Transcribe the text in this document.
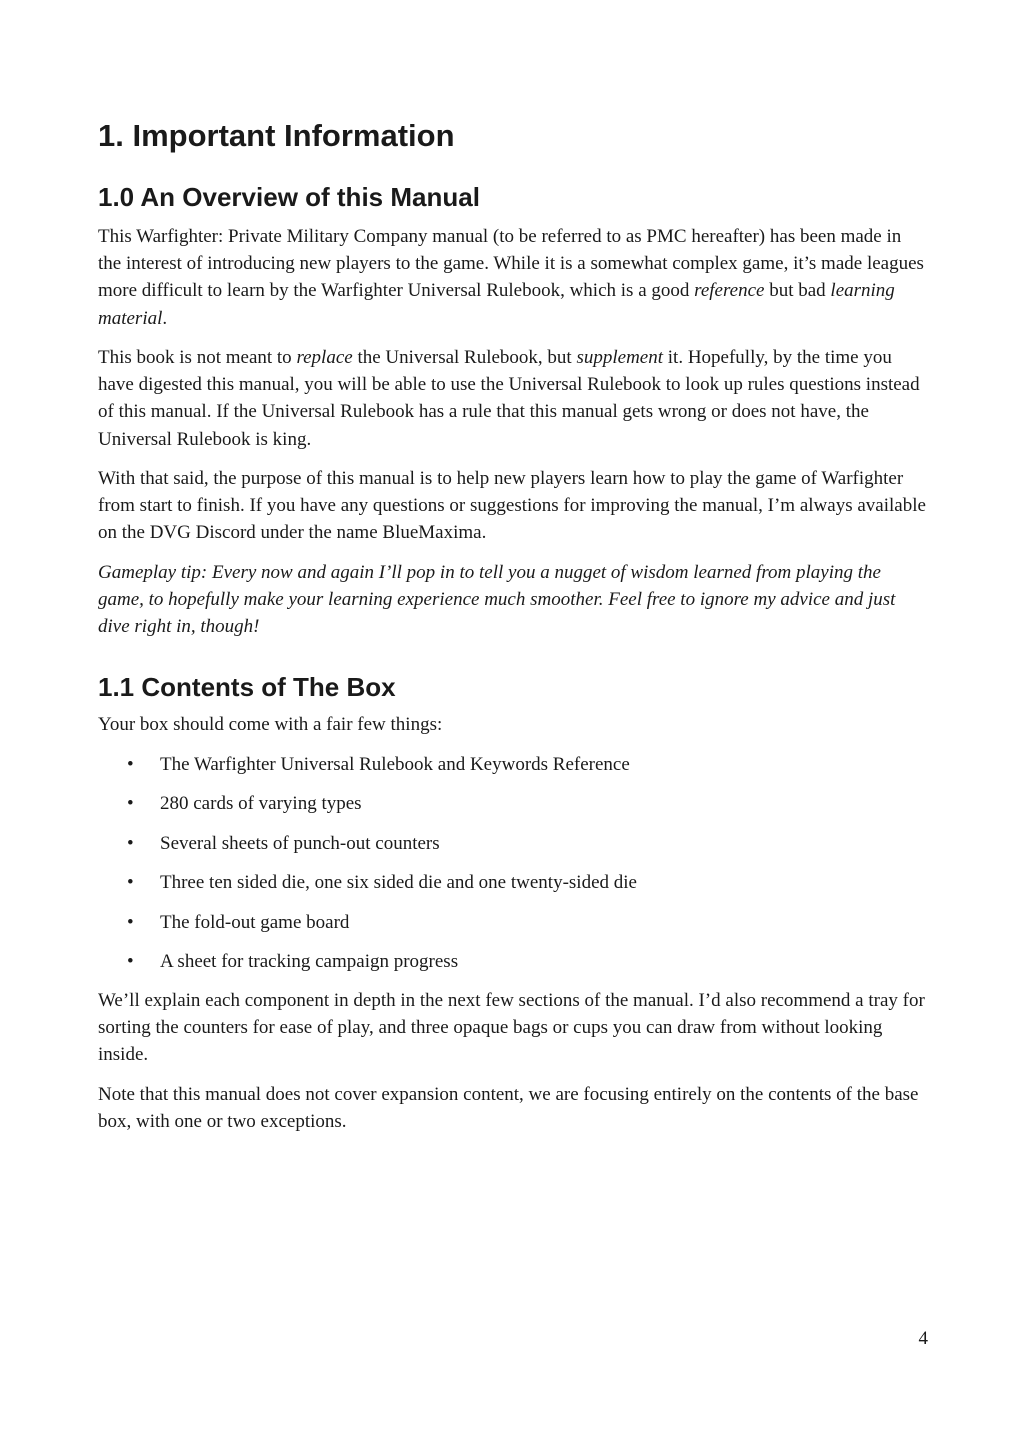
1. Important Information
1.0 An Overview of this Manual

This Warfighter: Private Military Company manual (to be referred to as PMC hereafter) has been made in the interest of introducing new players to the game. While it is a somewhat complex game, it’s made leagues more difficult to learn by the Warfighter Universal Rulebook, which is a good reference but bad learning material.

This book is not meant to replace the Universal Rulebook, but supplement it. Hopefully, by the time you have digested this manual, you will be able to use the Universal Rulebook to look up rules questions instead of this manual. If the Universal Rulebook has a rule that this manual gets wrong or does not have, the Universal Rulebook is king.

With that said, the purpose of this manual is to help new players learn how to play the game of Warfighter from start to finish. If you have any questions or suggestions for improving the manual, I’m always available on the DVG Discord under the name BlueMaxima.

Gameplay tip: Every now and again I’ll pop in to tell you a nugget of wisdom learned from playing the game, to hopefully make your learning experience much smoother. Feel free to ignore my advice and just dive right in, though!

1.1 Contents of The Box

Your box should come with a fair few things:

• The Warfighter Universal Rulebook and Keywords Reference
• 280 cards of varying types
• Several sheets of punch-out counters
• Three ten sided die, one six sided die and one twenty-sided die
• The fold-out game board
• A sheet for tracking campaign progress

We’ll explain each component in depth in the next few sections of the manual. I’d also recommend a tray for sorting the counters for ease of play, and three opaque bags or cups you can draw from without looking inside.

Note that this manual does not cover expansion content, we are focusing entirely on the contents of the base box, with one or two exceptions.

4
